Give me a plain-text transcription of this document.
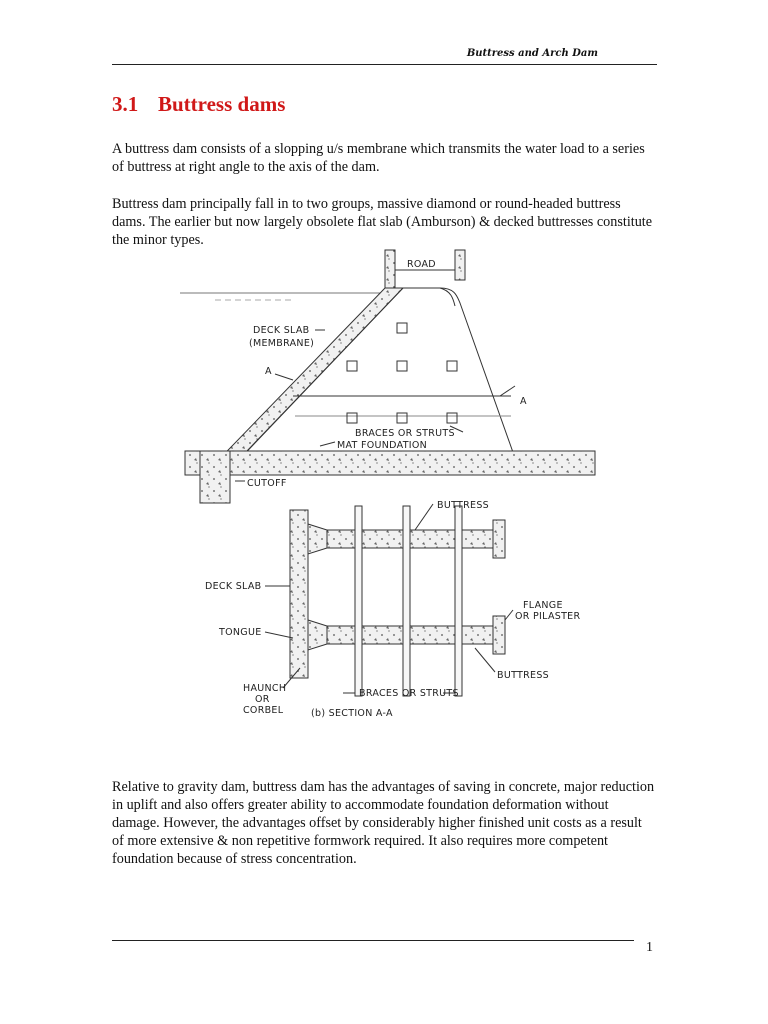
Buttress and Arch Dam
3.1 Buttress dams

A buttress dam consists of a slopping u/s membrane which transmits the water load to a series of buttress at right angle to the axis of the dam.

Buttress dam principally fall in to two groups, massive diamond or round-headed buttress dams. The earlier but now largely obsolete flat slab (Amburson) & decked buttresses constitute the minor types.

ROAD
DECK SLAB
(MEMBRANE)
A
A
BRACES OR STRUTS
MAT FOUNDATION
CUTOFF
BUTTRESS
DECK SLAB
FLANGE
OR PILASTER
TONGUE
BUTTRESS
HAUNCH
OR
CORBEL
BRACES OR STRUTS
(b) SECTION A-A

Relative to gravity dam, buttress dam has the advantages of saving in concrete, major reduction in uplift and also offers greater ability to accommodate foundation deformation without damage. However, the advantages offset by considerably higher finished unit costs as a result of more extensive & non repetitive formwork required. It also requires more competent foundation because of stress concentration.

1
